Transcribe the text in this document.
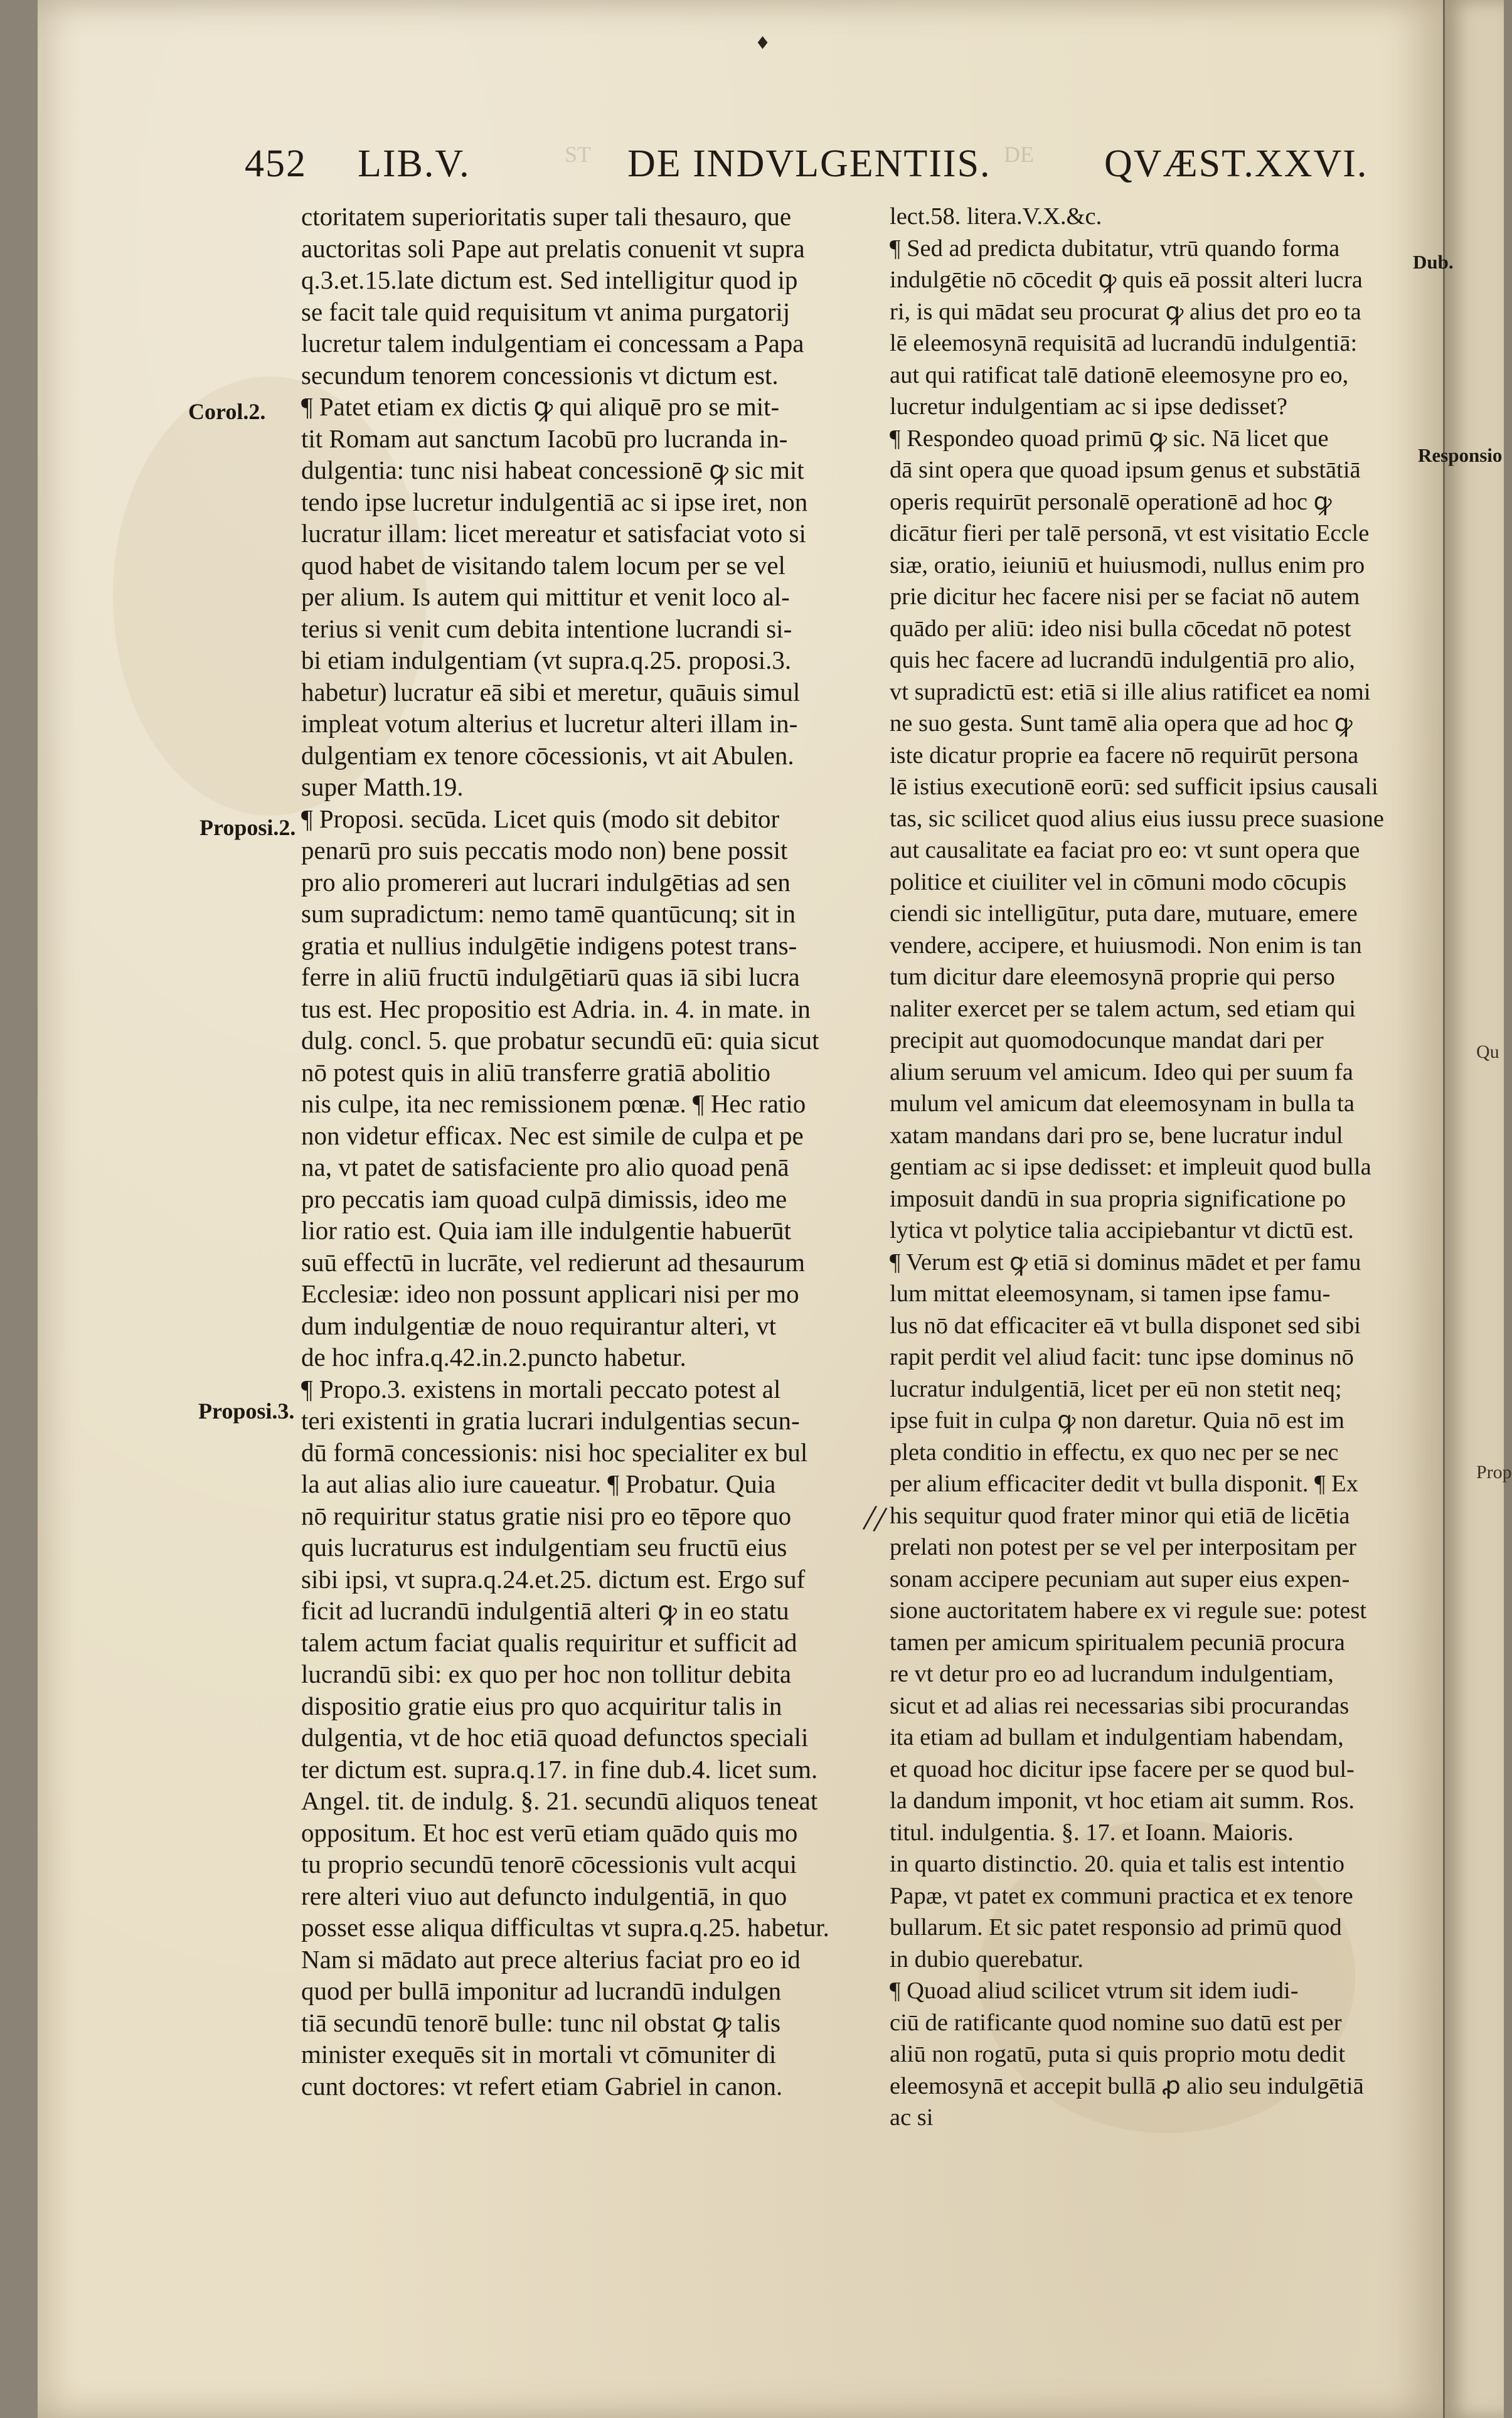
Qu
Prop
♦
452 LIB.V.	DE INDVLGENTIIS.	QVÆST.XXVI.
ST	DE
Corol.2.
Proposi.2.
Proposi.3.
Dub.
Responsio
//
ctoritatem superioritatis super tali thesauro, que
auctoritas soli Pape aut prelatis conuenit vt supra
q.3.et.15.late dictum est. Sed intelligitur quod ip
se facit tale quid requisitum vt anima purgatorij
lucretur talem indulgentiam ei concessam a Papa
secundum tenorem concessionis vt dictum est.
¶ Patet etiam ex dictis ꝙ qui aliquē pro se mit-
tit Romam aut sanctum Iacobū pro lucranda in-
dulgentia: tunc nisi habeat concessionē ꝙ sic mit
tendo ipse lucretur indulgentiā ac si ipse iret, non
lucratur illam: licet mereatur et satisfaciat voto si
quod habet de visitando talem locum per se vel
per alium. Is autem qui mittitur et venit loco al-
terius si venit cum debita intentione lucrandi si-
bi etiam indulgentiam (vt supra.q.25. proposi.3.
habetur) lucratur eā sibi et meretur, quāuis simul
impleat votum alterius et lucretur alteri illam in-
dulgentiam ex tenore cōcessionis, vt ait Abulen.
super Matth.19.
¶ Proposi. secūda. Licet quis (modo sit debitor
penarū pro suis peccatis modo non) bene possit
pro alio promereri aut lucrari indulgētias ad sen
sum supradictum: nemo tamē quantūcunq; sit in
gratia et nullius indulgētie indigens potest trans-
ferre in aliū fructū indulgētiarū quas iā sibi lucra
tus est. Hec propositio est Adria. in. 4. in mate. in
dulg. concl. 5. que probatur secundū eū: quia sicut
nō potest quis in aliū transferre gratiā abolitio
nis culpe, ita nec remissionem pœnæ. ¶ Hec ratio
non videtur efficax. Nec est simile de culpa et pe
na, vt patet de satisfaciente pro alio quoad penā
pro peccatis iam quoad culpā dimissis, ideo me
lior ratio est. Quia iam ille indulgentie habuerūt
suū effectū in lucrāte, vel redierunt ad thesaurum
Ecclesiæ: ideo non possunt applicari nisi per mo
dum indulgentiæ de nouo requirantur alteri, vt
de hoc infra.q.42.in.2.puncto habetur.
¶ Propo.3. existens in mortali peccato potest al
teri existenti in gratia lucrari indulgentias secun-
dū formā concessionis: nisi hoc specialiter ex bul
la aut alias alio iure caueatur. ¶ Probatur. Quia
nō requiritur status gratie nisi pro eo tēpore quo
quis lucraturus est indulgentiam seu fructū eius
sibi ipsi, vt supra.q.24.et.25. dictum est. Ergo suf
ficit ad lucrandū indulgentiā alteri ꝙ in eo statu
talem actum faciat qualis requiritur et sufficit ad
lucrandū sibi: ex quo per hoc non tollitur debita
dispositio gratie eius pro quo acquiritur talis in
dulgentia, vt de hoc etiā quoad defunctos speciali
ter dictum est. supra.q.17. in fine dub.4. licet sum.
Angel. tit. de indulg. §. 21. secundū aliquos teneat
oppositum. Et hoc est verū etiam quādo quis mo
tu proprio secundū tenorē cōcessionis vult acqui
rere alteri viuo aut defuncto indulgentiā, in quo
posset esse aliqua difficultas vt supra.q.25. habetur.
Nam si mādato aut prece alterius faciat pro eo id
quod per bullā imponitur ad lucrandū indulgen
tiā secundū tenorē bulle: tunc nil obstat ꝙ talis
minister exequēs sit in mortali vt cōmuniter di
cunt doctores: vt refert etiam Gabriel in canon.
lect.58. litera.V.X.&c.
¶ Sed ad predicta dubitatur, vtrū quando forma
indulgētie nō cōcedit ꝙ quis eā possit alteri lucra
ri, is qui mādat seu procurat ꝙ alius det pro eo ta
lē eleemosynā requisitā ad lucrandū indulgentiā:
aut qui ratificat talē dationē eleemosyne pro eo,
lucretur indulgentiam ac si ipse dedisset?
¶ Respondeo quoad primū ꝙ sic. Nā licet que
dā sint opera que quoad ipsum genus et substātiā
operis requirūt personalē operationē ad hoc ꝙ
dicātur fieri per talē personā, vt est visitatio Eccle
siæ, oratio, ieiuniū et huiusmodi, nullus enim pro
prie dicitur hec facere nisi per se faciat nō autem
quādo per aliū: ideo nisi bulla cōcedat nō potest
quis hec facere ad lucrandū indulgentiā pro alio,
vt supradictū est: etiā si ille alius ratificet ea nomi
ne suo gesta. Sunt tamē alia opera que ad hoc ꝙ
iste dicatur proprie ea facere nō requirūt persona
lē istius executionē eorū: sed sufficit ipsius causali
tas, sic scilicet quod alius eius iussu prece suasione
aut causalitate ea faciat pro eo: vt sunt opera que
politice et ciuiliter vel in cōmuni modo cōcupis
ciendi sic intelligūtur, puta dare, mutuare, emere
vendere, accipere, et huiusmodi. Non enim is tan
tum dicitur dare eleemosynā proprie qui perso
naliter exercet per se talem actum, sed etiam qui
precipit aut quomodocunque mandat dari per
alium seruum vel amicum. Ideo qui per suum fa
mulum vel amicum dat eleemosynam in bulla ta
xatam mandans dari pro se, bene lucratur indul
gentiam ac si ipse dedisset: et impleuit quod bulla
imposuit dandū in sua propria significatione po
lytica vt polytice talia accipiebantur vt dictū est.
¶ Verum est ꝙ etiā si dominus mādet et per famu
lum mittat eleemosynam, si tamen ipse famu-
lus nō dat efficaciter eā vt bulla disponet sed sibi
rapit perdit vel aliud facit: tunc ipse dominus nō
lucratur indulgentiā, licet per eū non stetit neq;
ipse fuit in culpa ꝙ non daretur. Quia nō est im
pleta conditio in effectu, ex quo nec per se nec
per alium efficaciter dedit vt bulla disponit. ¶ Ex
his sequitur quod frater minor qui etiā de licētia
prelati non potest per se vel per interpositam per
sonam accipere pecuniam aut super eius expen-
sione auctoritatem habere ex vi regule sue: potest
tamen per amicum spiritualem pecuniā procura
re vt detur pro eo ad lucrandum indulgentiam,
sicut et ad alias rei necessarias sibi procurandas
ita etiam ad bullam et indulgentiam habendam,
et quoad hoc dicitur ipse facere per se quod bul-
la dandum imponit, vt hoc etiam ait summ. Ros.
titul. indulgentia. §. 17. et Ioann. Maioris.
in quarto distinctio. 20. quia et talis est intentio
Papæ, vt patet ex communi practica et ex tenore
bullarum. Et sic patet responsio ad primū quod
in dubio querebatur.
¶ Quoad aliud scilicet vtrum sit idem iudi-
ciū de ratificante quod nomine suo datū est per
aliū non rogatū, puta si quis proprio motu dedit
eleemosynā et accepit bullā ꝓ alio seu indulgētiā
ac si
